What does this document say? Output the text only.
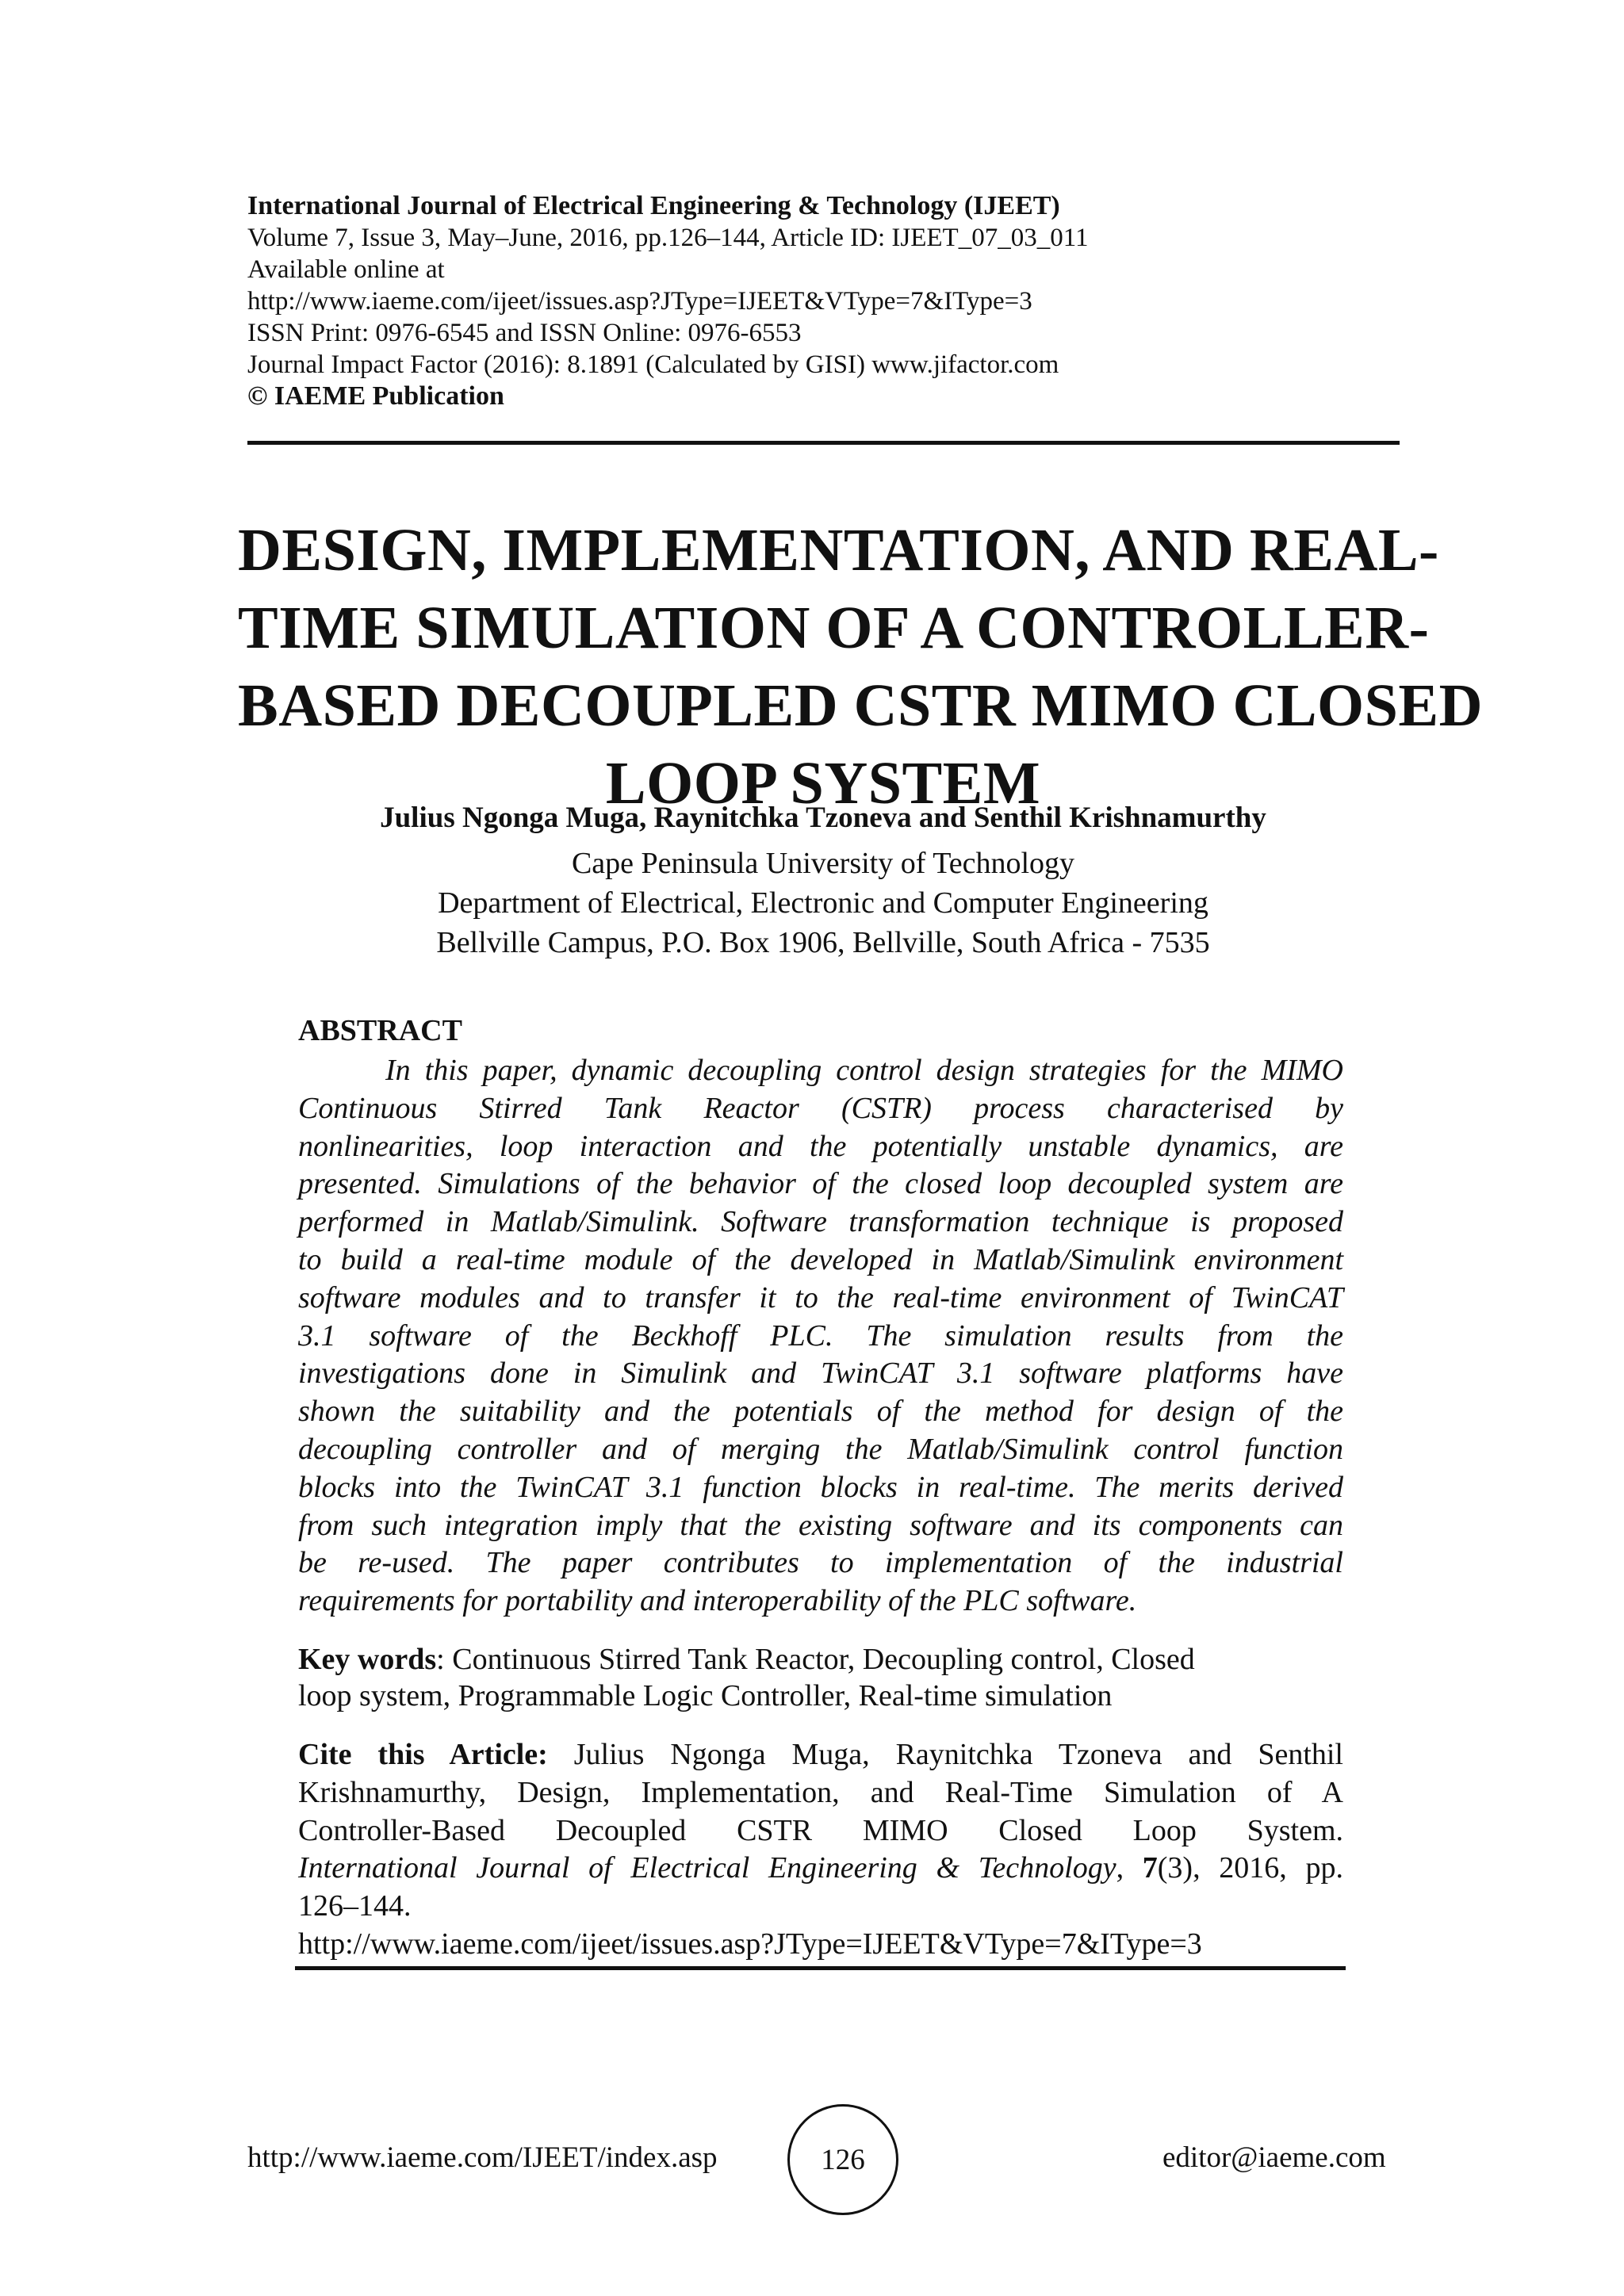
International Journal of Electrical Engineering & Technology (IJEET)
Volume 7, Issue 3, May–June, 2016, pp.126–144, Article ID: IJEET_07_03_011
Available online at
http://www.iaeme.com/ijeet/issues.asp?JType=IJEET&VType=7&IType=3
ISSN Print: 0976-6545 and ISSN Online: 0976-6553
Journal Impact Factor (2016): 8.1891 (Calculated by GISI) www.jifactor.com
© IAEME Publication
DESIGN, IMPLEMENTATION, AND REAL-
TIME SIMULATION OF A CONTROLLER-
BASED DECOUPLED CSTR MIMO CLOSED
LOOP SYSTEM
Julius Ngonga Muga, Raynitchka Tzoneva and Senthil Krishnamurthy
Cape Peninsula University of Technology
Department of Electrical, Electronic and Computer Engineering
Bellville Campus, P.O. Box 1906, Bellville, South Africa - 7535
ABSTRACT
In this paper, dynamic decoupling control design strategies for the MIMO
Continuous Stirred Tank Reactor (CSTR) process characterised by
nonlinearities, loop interaction and the potentially unstable dynamics, are
presented. Simulations of the behavior of the closed loop decoupled system are
performed in Matlab/Simulink. Software transformation technique is proposed
to build a real-time module of the developed in Matlab/Simulink environment
software modules and to transfer it to the real-time environment of TwinCAT
3.1 software of the Beckhoff PLC. The simulation results from the
investigations done in Simulink and TwinCAT 3.1 software platforms have
shown the suitability and the potentials of the method for design of the
decoupling controller and of merging the Matlab/Simulink control function
blocks into the TwinCAT 3.1 function blocks in real-time. The merits derived
from such integration imply that the existing software and its components can
be re-used. The paper contributes to implementation of the industrial
requirements for portability and interoperability of the PLC software.
Key words: Continuous Stirred Tank Reactor, Decoupling control, Closed
loop system, Programmable Logic Controller, Real-time simulation
Cite this Article: Julius Ngonga Muga, Raynitchka Tzoneva and Senthil
Krishnamurthy, Design, Implementation, and Real-Time Simulation of A
Controller-Based Decoupled CSTR MIMO Closed Loop System.
International Journal of Electrical Engineering & Technology, 7(3), 2016, pp.
126–144.
http://www.iaeme.com/ijeet/issues.asp?JType=IJEET&VType=7&IType=3
http://www.iaeme.com/IJEET/index.asp	126	editor@iaeme.com
